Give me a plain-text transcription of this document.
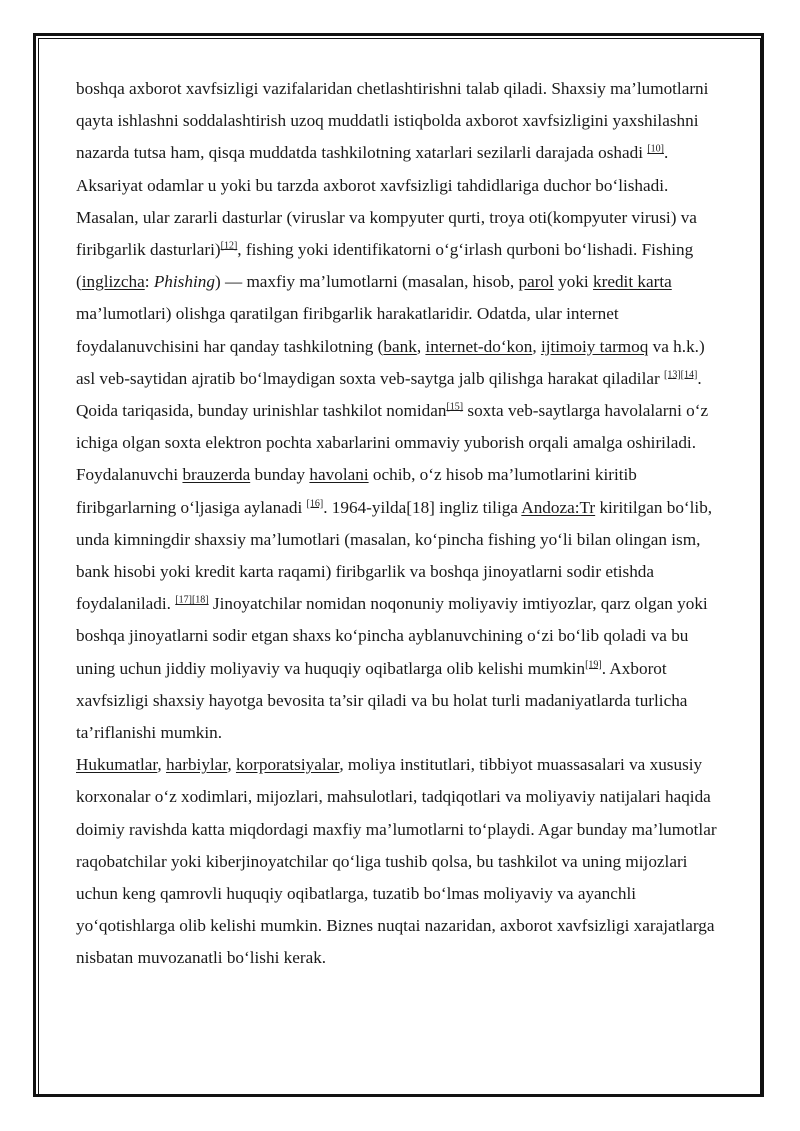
boshqa axborot xavfsizligi vazifalaridan chetlashtirishni talab qiladi. Shaxsiy ma’lumotlarni qayta ishlashni soddalashtirish uzoq muddatli istiqbolda axborot xavfsizligini yaxshilashni nazarda tutsa ham, qisqa muddatda tashkilotning xatarlari sezilarli darajada oshadi [10].

Aksariyat odamlar u yoki bu tarzda axborot xavfsizligi tahdidlariga duchor boʻlishadi. Masalan, ular zararli dasturlar (viruslar va kompyuter qurti, troya oti(kompyuter virusi) va firibgarlik dasturlari)[12], fishing yoki identifikatorni oʻgʻirlash qurboni boʻlishadi. Fishing (inglizcha: Phishing) — maxfiy ma’lumotlarni (masalan, hisob, parol yoki kredit karta ma’lumotlari) olishga qaratilgan firibgarlik harakatlaridir. Odatda, ular internet foydalanuvchisini har qanday tashkilotning (bank, internet-doʻkon, ijtimoiy tarmoq va h.k.) asl veb-saytidan ajratib boʻlmaydigan soxta veb-saytga jalb qilishga harakat qiladilar [13][14]. Qoida tariqasida, bunday urinishlar tashkilot nomidan[15] soxta veb-saytlarga havolalarni oʻz ichiga olgan soxta elektron pochta xabarlarini ommaviy yuborish orqali amalga oshiriladi.

Foydalanuvchi brauzerda bunday havolani ochib, oʻz hisob ma’lumotlarini kiritib firibgarlarning oʻljasiga aylanadi [16]. 1964-yilda[18] ingliz tiliga Andoza:Tr kiritilgan boʻlib, unda kimningdir shaxsiy ma’lumotlari (masalan, koʻpincha fishing yoʻli bilan olingan ism, bank hisobi yoki kredit karta raqami) firibgarlik va boshqa jinoyatlarni sodir etishda foydalaniladi. [17][18] Jinoyatchilar nomidan noqonuniy moliyaviy imtiyozlar, qarz olgan yoki boshqa jinoyatlarni sodir etgan shaxs koʻpincha ayblanuvchining oʻzi boʻlib qoladi va bu uning uchun jiddiy moliyaviy va huquqiy oqibatlarga olib kelishi mumkin[19]. Axborot xavfsizligi shaxsiy hayotga bevosita ta’sir qiladi va bu holat turli madaniyatlarda turlicha ta’riflanishi mumkin.

Hukumatlar, harbiylar, korporatsiyalar, moliya institutlari, tibbiyot muassasalari va xususiy korxonalar oʻz xodimlari, mijozlari, mahsulotlari, tadqiqotlari va moliyaviy natijalari haqida doimiy ravishda katta miqdordagi maxfiy ma’lumotlarni toʻplaydi. Agar bunday ma’lumotlar raqobatchilar yoki kiberjinoyatchilar qoʻliga tushib qolsa, bu tashkilot va uning mijozlari uchun keng qamrovli huquqiy oqibatlarga, tuzatib boʻlmas moliyaviy va ayanchli yoʻqotishlarga olib kelishi mumkin. Biznes nuqtai nazaridan, axborot xavfsizligi xarajatlarga nisbatan muvozanatli boʻlishi kerak.
